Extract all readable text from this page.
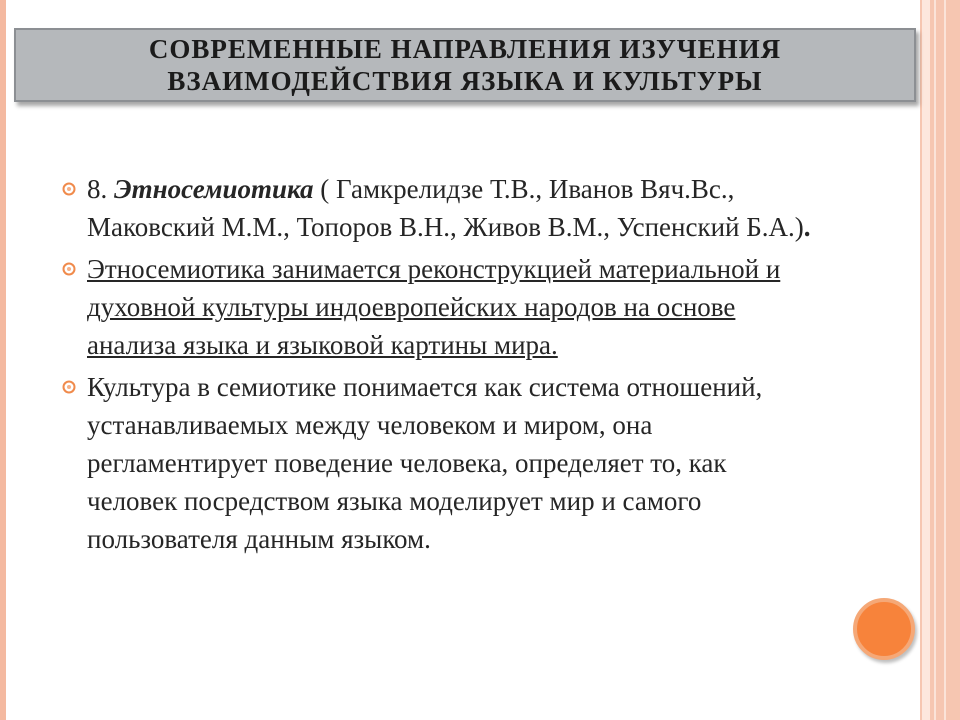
СОВРЕМЕННЫЕ НАПРАВЛЕНИЯ ИЗУЧЕНИЯ
ВЗАИМОДЕЙСТВИЯ ЯЗЫКА И КУЛЬТУРЫ
8. Этносемиотика ( Гамкрелидзе Т.В., Иванов Вяч.Вс., Маковский М.М., Топоров В.Н., Живов В.М., Успенский Б.А.).
Этносемиотика занимается реконструкцией материальной и духовной культуры индоевропейских народов на основе анализа языка и языковой картины мира.
Культура в семиотике понимается как система отношений, устанавливаемых между человеком и миром, она регламентирует поведение человека, определяет то, как человек посредством языка моделирует мир и самого пользователя данным языком.
